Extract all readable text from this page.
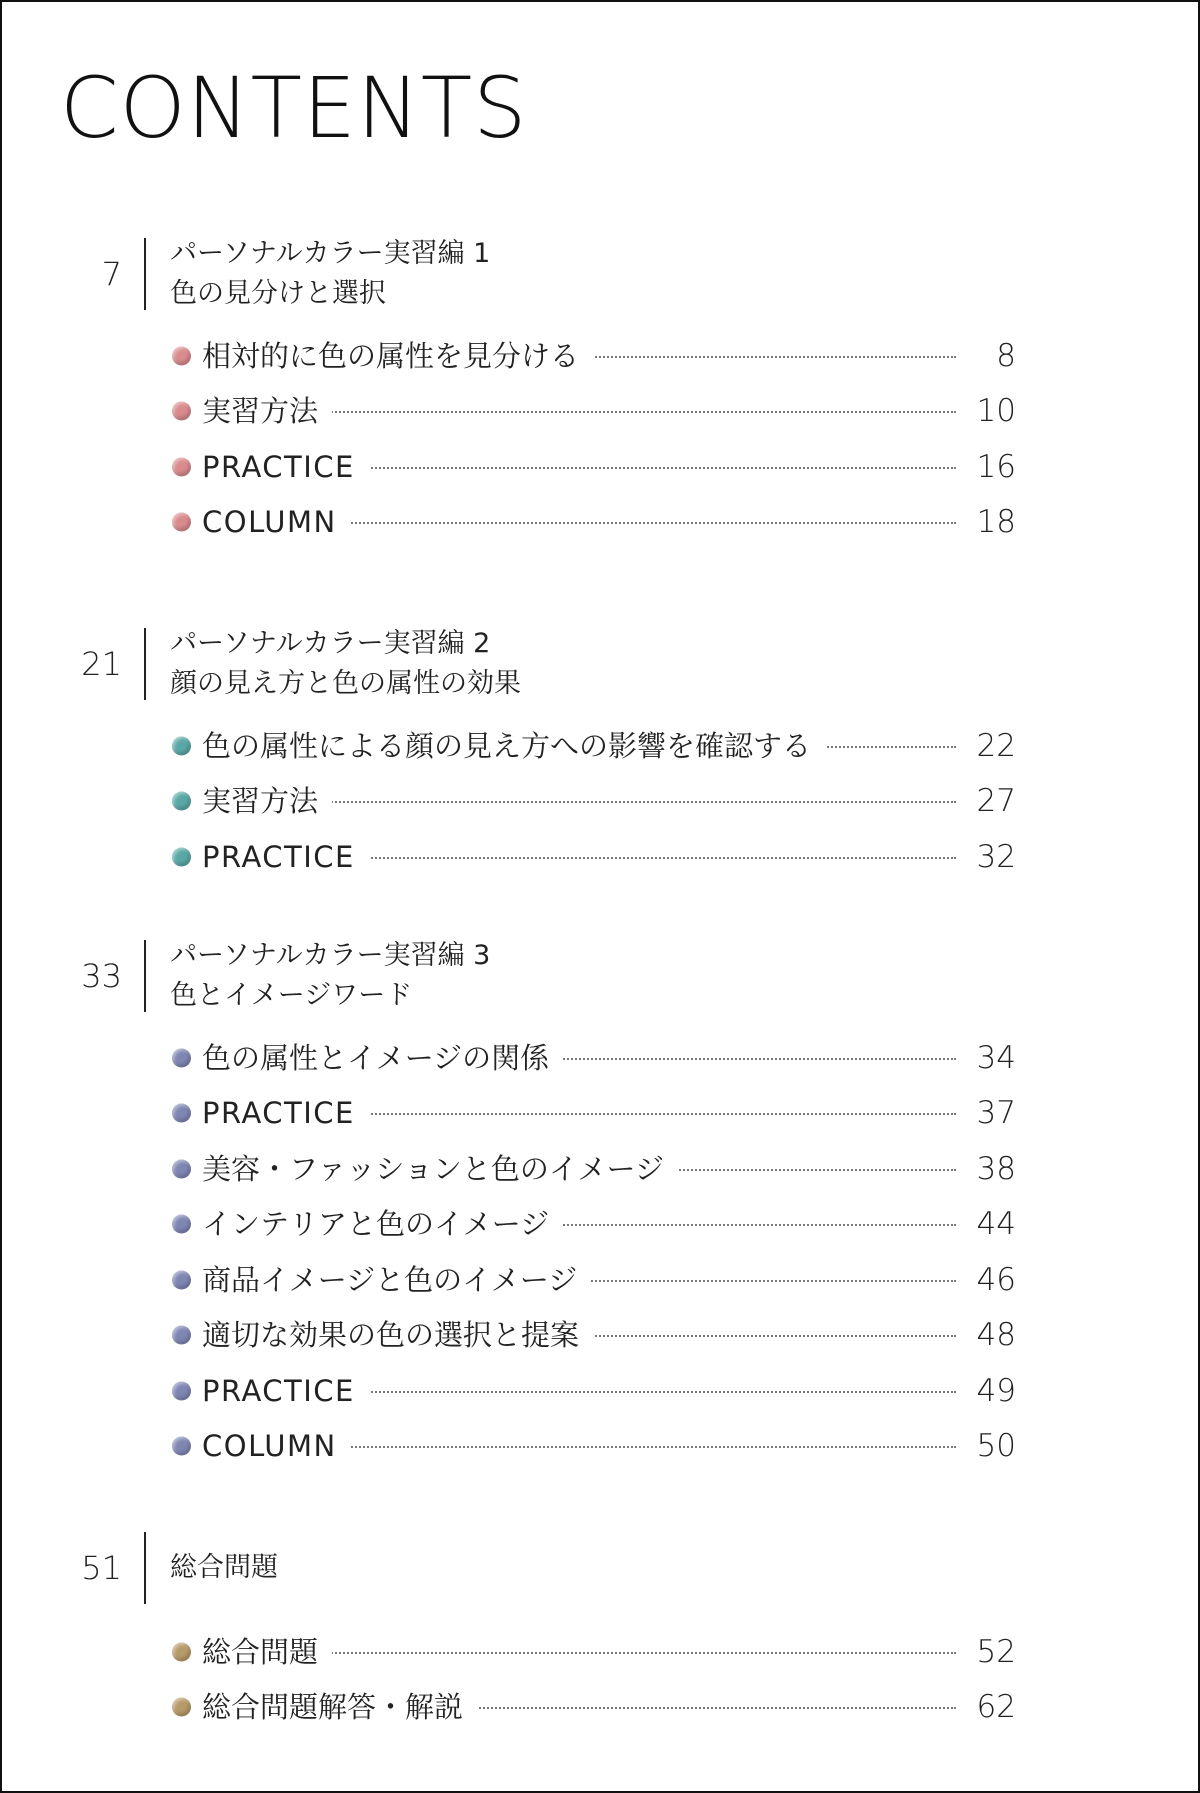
CONTENTS
7
パーソナルカラー実習編 1
色の見分けと選択
相対的に色の属性を見分ける	8
実習方法	10
PRACTICE	16
COLUMN	18
21
パーソナルカラー実習編 2
顔の見え方と色の属性の効果
色の属性による顔の見え方への影響を確認する	22
実習方法	27
PRACTICE	32
33
パーソナルカラー実習編 3
色とイメージワード
色の属性とイメージの関係	34
PRACTICE	37
美容・ファッションと色のイメージ	38
インテリアと色のイメージ	44
商品イメージと色のイメージ	46
適切な効果の色の選択と提案	48
PRACTICE	49
COLUMN	50
51 総合問題
総合問題	52
総合問題解答・解説	62
